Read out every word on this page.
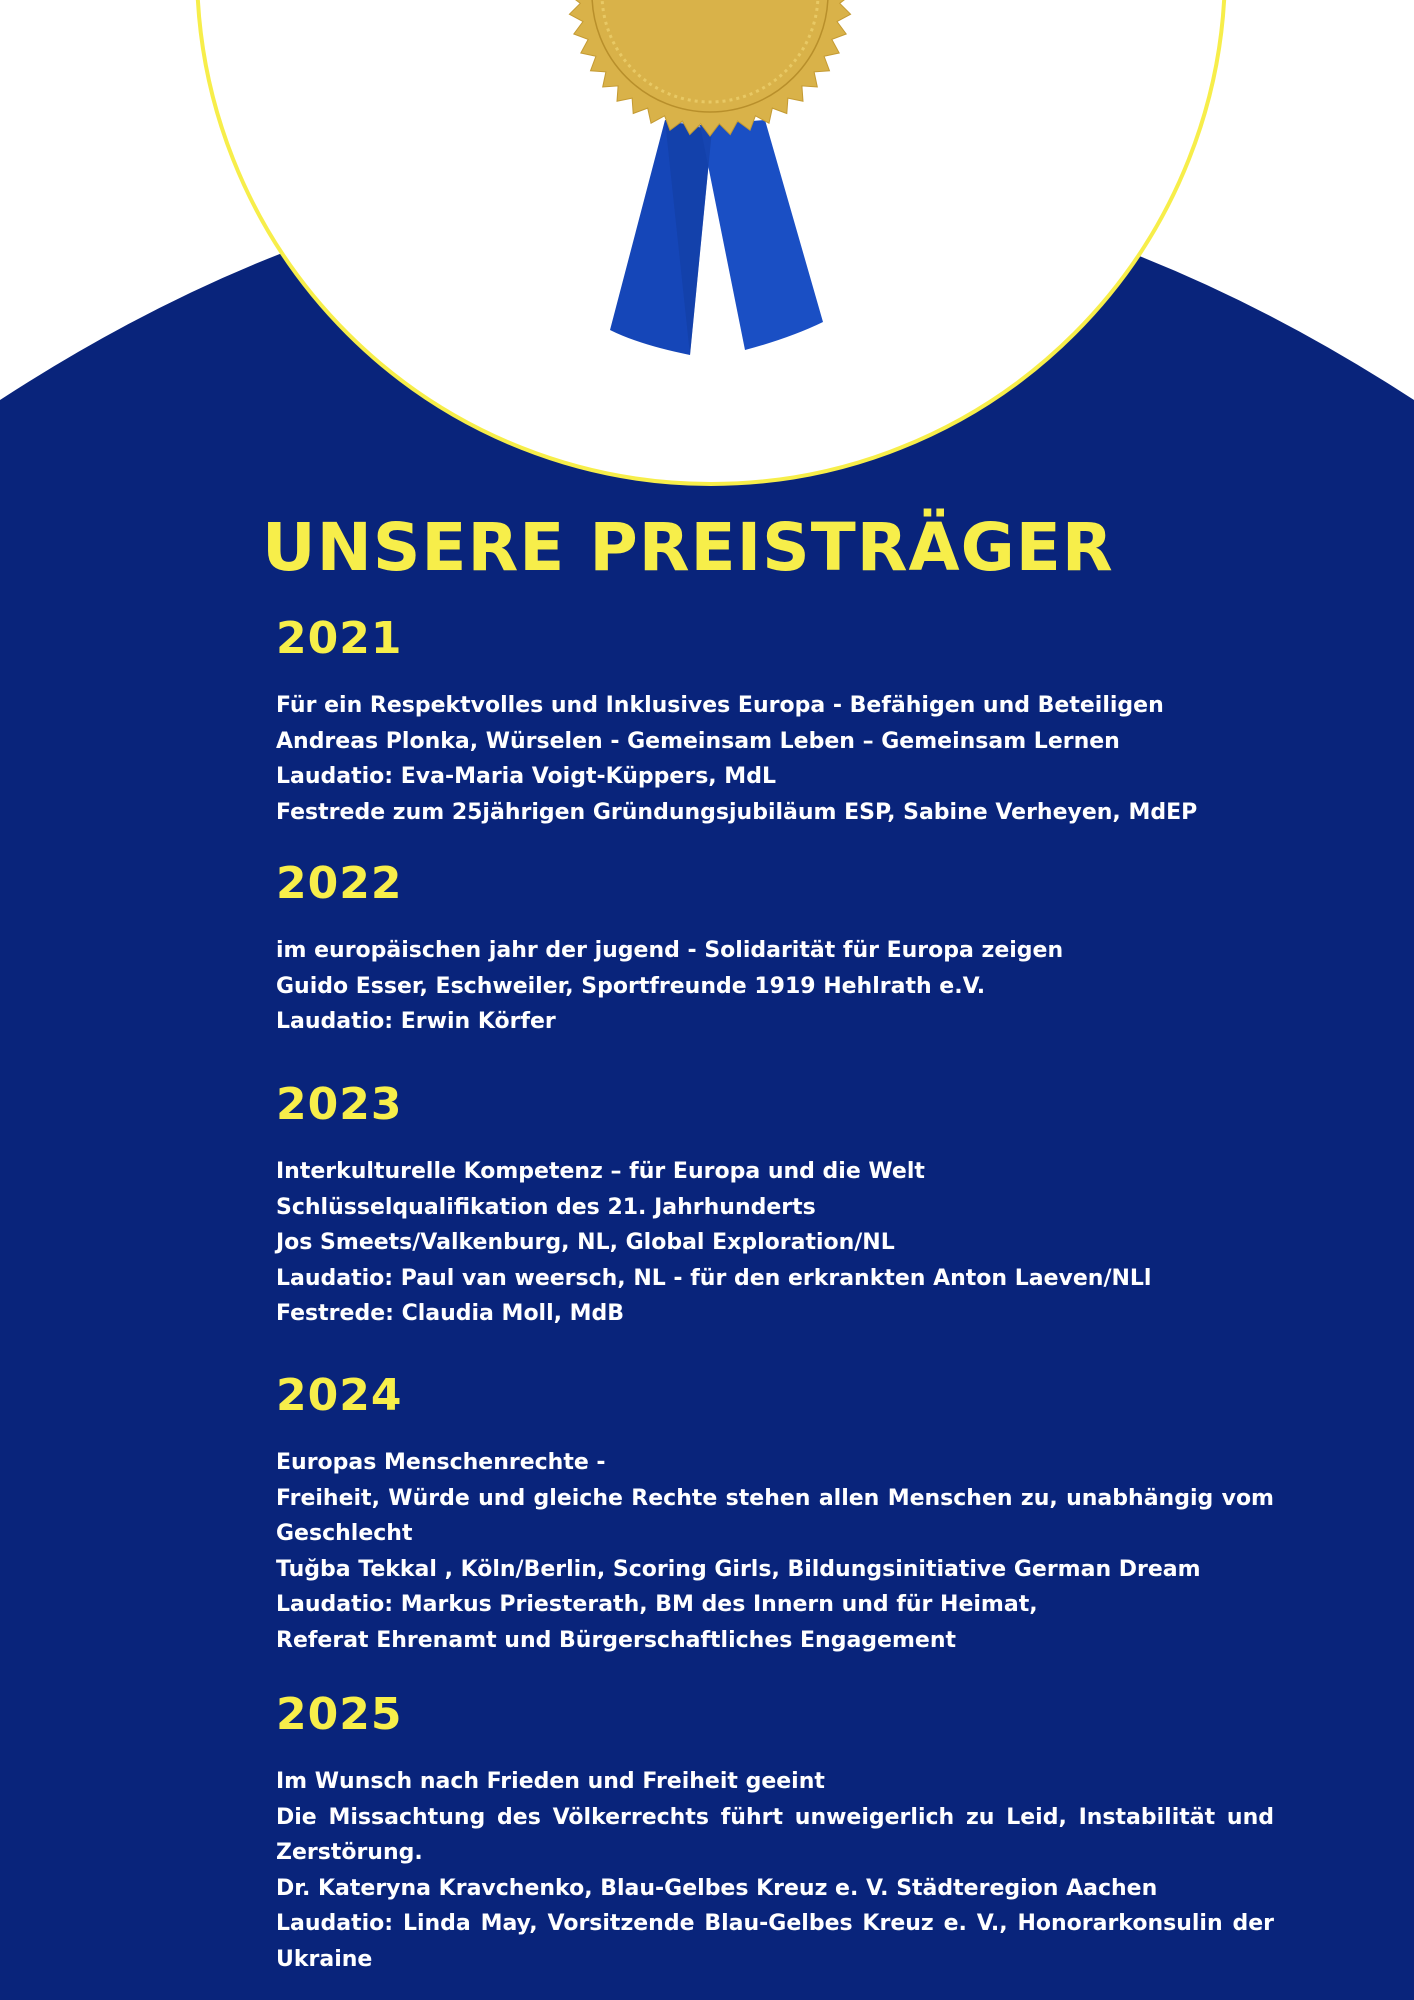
UNSERE PREISTRÄGER
2021

Für ein Respektvolles und Inklusives Europa - Befähigen und Beteiligen

Andreas Plonka, Würselen - Gemeinsam Leben – Gemeinsam Lernen

Laudatio: Eva-Maria Voigt-Küppers, MdL

Festrede zum 25jährigen Gründungsjubiläum ESP, Sabine Verheyen, MdEP

2022

im europäischen jahr der jugend - Solidarität für Europa zeigen

Guido Esser, Eschweiler, Sportfreunde 1919 Hehlrath e.V.

Laudatio: Erwin Körfer

2023

Interkulturelle Kompetenz – für Europa und die Welt

Schlüsselqualifikation des 21. Jahrhunderts

Jos Smeets/Valkenburg, NL, Global Exploration/NL

Laudatio: Paul van weersch, NL - für den erkrankten Anton Laeven/NLl

Festrede: Claudia Moll, MdB

2024

Europas Menschenrechte -

Freiheit, Würde und gleiche Rechte stehen allen Menschen zu, unabhängig vom Geschlecht

Tuğba Tekkal , Köln/Berlin, Scoring Girls, Bildungsinitiative German Dream

Laudatio: Markus Priesterath, BM des Innern und für Heimat,

Referat Ehrenamt und Bürgerschaftliches Engagement

2025

Im Wunsch nach Frieden und Freiheit geeint

Die Missachtung des Völkerrechts führt unweigerlich zu Leid, Instabilität und Zerstörung.

Dr. Kateryna Kravchenko, Blau-Gelbes Kreuz e. V. Städteregion Aachen

Laudatio: Linda May, Vorsitzende Blau-Gelbes Kreuz e. V., Honorarkonsulin der Ukraine
